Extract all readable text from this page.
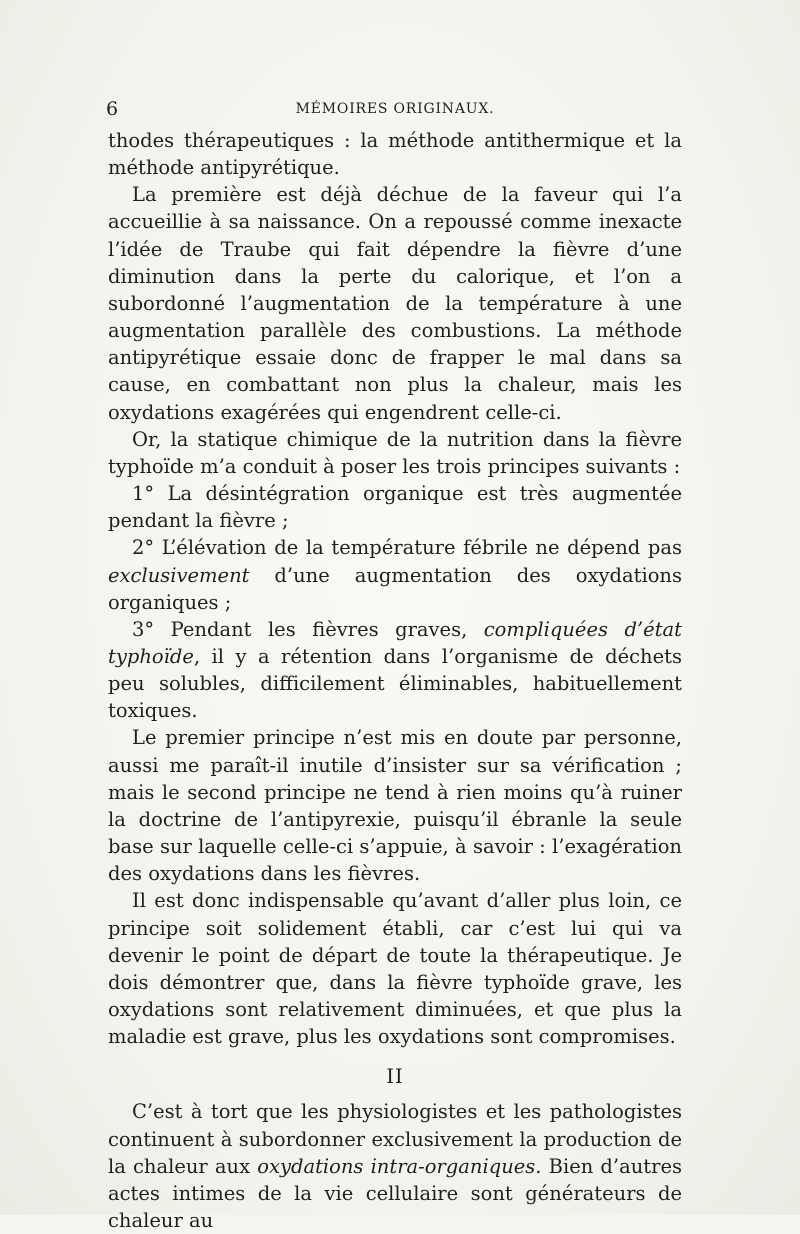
6	MÉMOIRES ORIGINAUX.

thodes thérapeutiques : la méthode antithermique et la méthode antipyrétique.

La première est déjà déchue de la faveur qui l’a accueillie à sa naissance. On a repoussé comme inexacte l’idée de Traube qui fait dépendre la fièvre d’une diminution dans la perte du calorique, et l’on a subordonné l’augmentation de la température à une augmentation parallèle des combustions. La méthode antipyrétique essaie donc de frapper le mal dans sa cause, en combattant non plus la chaleur, mais les oxydations exagérées qui engendrent celle-ci.

Or, la statique chimique de la nutrition dans la fièvre typhoïde m’a conduit à poser les trois principes suivants :

1° La désintégration organique est très augmentée pendant la fièvre ;

2° L’élévation de la température fébrile ne dépend pas exclusivement d’une augmentation des oxydations organiques ;

3° Pendant les fièvres graves, compliquées d’état typhoïde, il y a rétention dans l’organisme de déchets peu solubles, difficilement éliminables, habituellement toxiques.

Le premier principe n’est mis en doute par personne, aussi me paraît-il inutile d’insister sur sa vérification ; mais le second principe ne tend à rien moins qu’à ruiner la doctrine de l’antipyrexie, puisqu’il ébranle la seule base sur laquelle celle-ci s’appuie, à savoir : l’exagération des oxydations dans les fièvres.

Il est donc indispensable qu’avant d’aller plus loin, ce principe soit solidement établi, car c’est lui qui va devenir le point de départ de toute la thérapeutique. Je dois démontrer que, dans la fièvre typhoïde grave, les oxydations sont relativement diminuées, et que plus la maladie est grave, plus les oxydations sont compromises.

II

C’est à tort que les physiologistes et les pathologistes continuent à subordonner exclusivement la production de la chaleur aux oxydations intra-organiques. Bien d’autres actes intimes de la vie cellulaire sont générateurs de chaleur au
